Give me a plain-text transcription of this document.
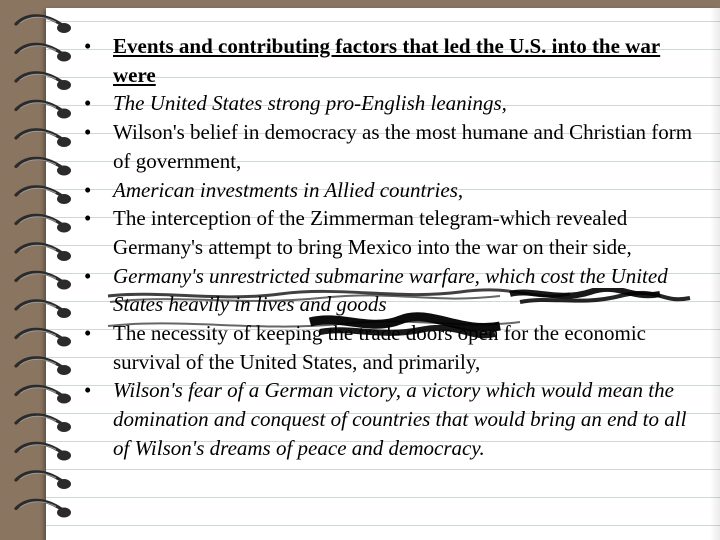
•	Events and contributing factors that led the U.S. into the war were
•	The United States strong pro-English leanings,
•	Wilson's belief in democracy as the most humane and Christian form of government,
•	American investments in Allied countries,
•	The interception of the Zimmerman telegram-which revealed Germany's attempt to bring Mexico into the war on their side,
•	Germany's unrestricted submarine warfare, which cost the United States heavily in lives and goods
•	The necessity of keeping the trade doors open for the economic survival of the United States, and primarily,
•	Wilson's fear of a German victory, a victory which would mean the domination and conquest of countries that would bring an end to all of Wilson's dreams of peace and democracy.
